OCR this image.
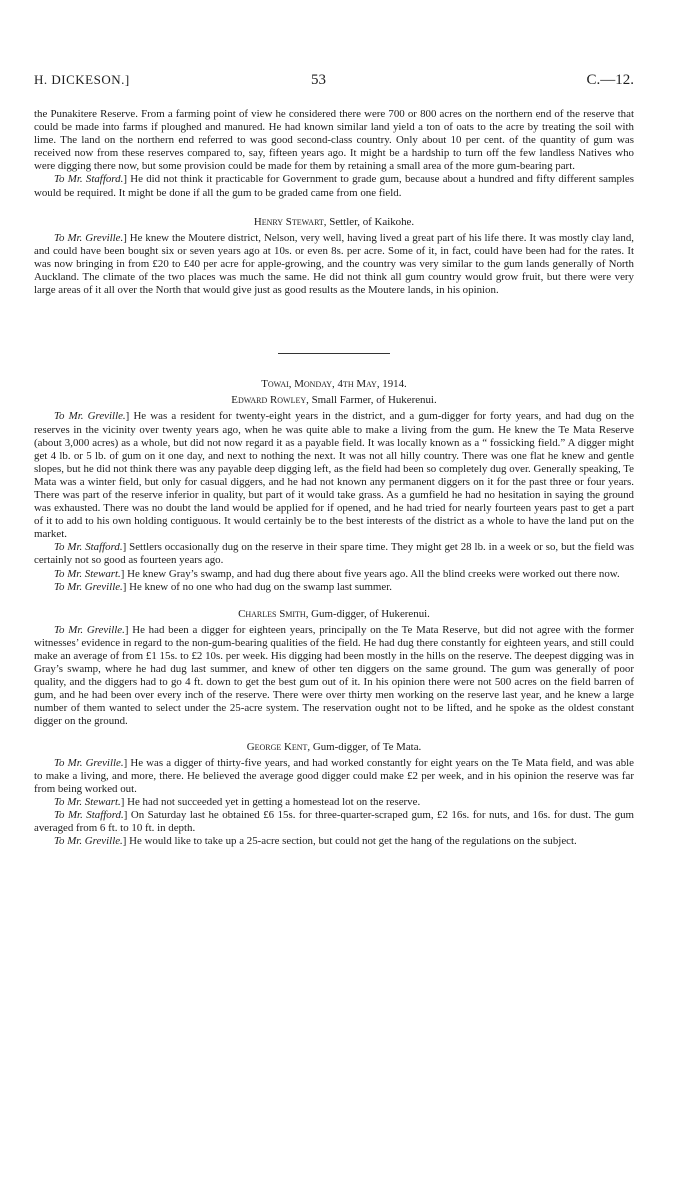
H. DICKESON.]	53	C.—12.

the Punakitere Reserve. From a farming point of view he considered there were 700 or 800 acres on the northern end of the reserve that could be made into farms if ploughed and manured. He had known similar land yield a ton of oats to the acre by treating the soil with lime. The land on the northern end referred to was good second-class country. Only about 10 per cent. of the quantity of gum was received now from these reserves compared to, say, fifteen years ago. It might be a hardship to turn off the few landless Natives who were digging there now, but some provision could be made for them by retaining a small area of the more gum-bearing part.

To Mr. Stafford.] He did not think it practicable for Government to grade gum, because about a hundred and fifty different samples would be required. It might be done if all the gum to be graded came from one field.

Henry Stewart, Settler, of Kaikohe.

To Mr. Greville.] He knew the Moutere district, Nelson, very well, having lived a great part of his life there. It was mostly clay land, and could have been bought six or seven years ago at 10s. or even 8s. per acre. Some of it, in fact, could have been had for the rates. It was now bringing in from £20 to £40 per acre for apple-growing, and the country was very similar to the gum lands generally of North Auckland. The climate of the two places was much the same. He did not think all gum country would grow fruit, but there were very large areas of it all over the North that would give just as good results as the Moutere lands, in his opinion.

Towai, Monday, 4th May, 1914.

Edward Rowley, Small Farmer, of Hukerenui.

To Mr. Greville.] He was a resident for twenty-eight years in the district, and a gum-digger for forty years, and had dug on the reserves in the vicinity over twenty years ago, when he was quite able to make a living from the gum. He knew the Te Mata Reserve (about 3,000 acres) as a whole, but did not now regard it as a payable field. It was locally known as a “ fossicking field.” A digger might get 4 lb. or 5 lb. of gum on it one day, and next to nothing the next. It was not all hilly country. There was one flat he knew and gentle slopes, but he did not think there was any payable deep digging left, as the field had been so completely dug over. Generally speaking, Te Mata was a winter field, but only for casual diggers, and he had not known any permanent diggers on it for the past three or four years. There was part of the reserve inferior in quality, but part of it would take grass. As a gumfield he had no hesitation in saying the ground was exhausted. There was no doubt the land would be applied for if opened, and he had tried for nearly fourteen years past to get a part of it to add to his own holding contiguous. It would certainly be to the best interests of the district as a whole to have the land put on the market.

To Mr. Stafford.] Settlers occasionally dug on the reserve in their spare time. They might get 28 lb. in a week or so, but the field was certainly not so good as fourteen years ago.

To Mr. Stewart.] He knew Gray’s swamp, and had dug there about five years ago. All the blind creeks were worked out there now.

To Mr. Greville.] He knew of no one who had dug on the swamp last summer.

Charles Smith, Gum-digger, of Hukerenui.

To Mr. Greville.] He had been a digger for eighteen years, principally on the Te Mata Reserve, but did not agree with the former witnesses’ evidence in regard to the non-gum-bearing qualities of the field. He had dug there constantly for eighteen years, and still could make an average of from £1 15s. to £2 10s. per week. His digging had been mostly in the hills on the reserve. The deepest digging was in Gray’s swamp, where he had dug last summer, and knew of other ten diggers on the same ground. The gum was generally of poor quality, and the diggers had to go 4 ft. down to get the best gum out of it. In his opinion there were not 500 acres on the field barren of gum, and he had been over every inch of the reserve. There were over thirty men working on the reserve last year, and he knew a large number of them wanted to select under the 25-acre system. The reservation ought not to be lifted, and he spoke as the oldest constant digger on the ground.

George Kent, Gum-digger, of Te Mata.

To Mr. Greville.] He was a digger of thirty-five years, and had worked constantly for eight years on the Te Mata field, and was able to make a living, and more, there. He believed the average good digger could make £2 per week, and in his opinion the reserve was far from being worked out.

To Mr. Stewart.] He had not succeeded yet in getting a homestead lot on the reserve.

To Mr. Stafford.] On Saturday last he obtained £6 15s. for three-quarter-scraped gum, £2 16s. for nuts, and 16s. for dust. The gum averaged from 6 ft. to 10 ft. in depth.

To Mr. Greville.] He would like to take up a 25-acre section, but could not get the hang of the regulations on the subject.
